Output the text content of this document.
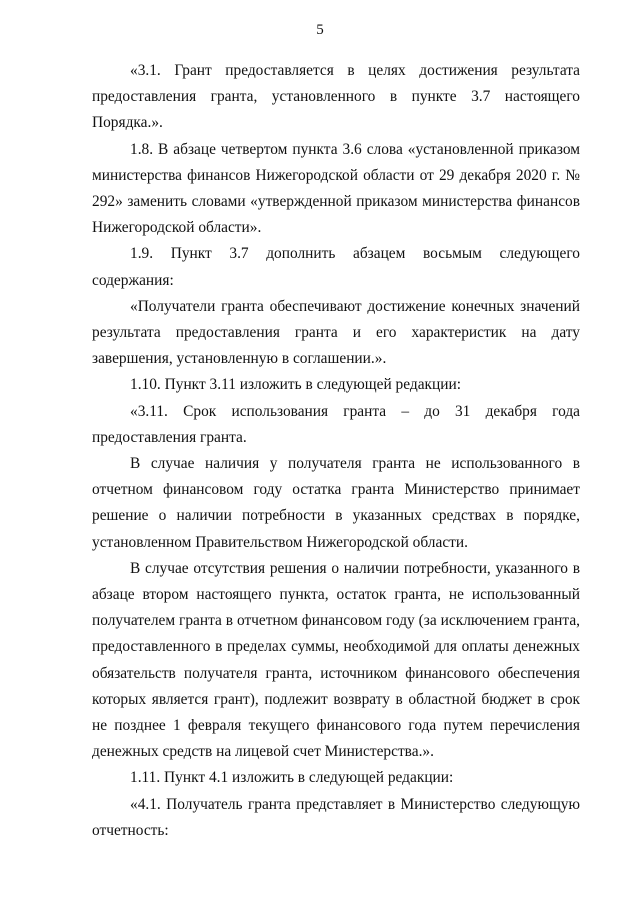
5

«3.1. Грант предоставляется в целях достижения результата предоставления гранта, установленного в пункте 3.7 настоящего Порядка.».

1.8. В абзаце четвертом пункта 3.6 слова «установленной приказом министерства финансов Нижегородской области от 29 декабря 2020 г. № 292» заменить словами «утвержденной приказом министерства финансов Нижегородской области».

1.9. Пункт 3.7 дополнить абзацем восьмым следующего содержания:

«Получатели гранта обеспечивают достижение конечных значений результата предоставления гранта и его характеристик на дату завершения, установленную в соглашении.».

1.10. Пункт 3.11 изложить в следующей редакции:

«3.11. Срок использования гранта – до 31 декабря года предоставления гранта.

В случае наличия у получателя гранта не использованного в отчетном финансовом году остатка гранта Министерство принимает решение о наличии потребности в указанных средствах в порядке, установленном Правительством Нижегородской области.

В случае отсутствия решения о наличии потребности, указанного в абзаце втором настоящего пункта, остаток гранта, не использованный получателем гранта в отчетном финансовом году (за исключением гранта, предоставленного в пределах суммы, необходимой для оплаты денежных обязательств получателя гранта, источником финансового обеспечения которых является грант), подлежит возврату в областной бюджет в срок не позднее 1 февраля текущего финансового года путем перечисления денежных средств на лицевой счет Министерства.».

1.11. Пункт 4.1 изложить в следующей редакции:

«4.1. Получатель гранта представляет в Министерство следующую отчетность:
